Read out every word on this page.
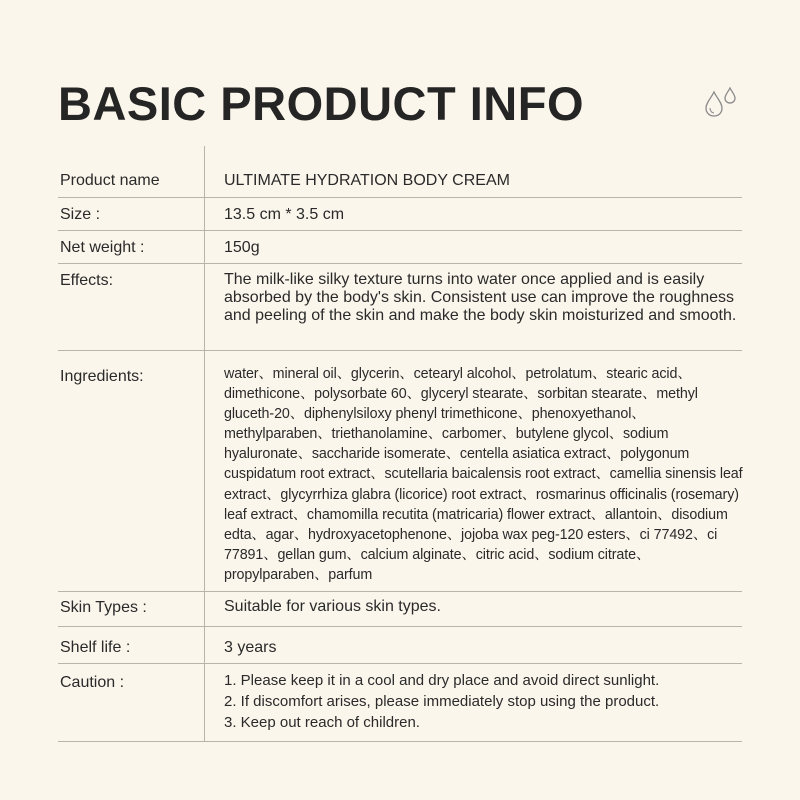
BASIC PRODUCT INFO
Product name	ULTIMATE HYDRATION BODY CREAM
Size :	13.5 cm * 3.5 cm
Net weight :	150g
Effects:	The milk-like silky texture turns into water once applied and is easily absorbed by the body's skin. Consistent use can improve the roughness and peeling of the skin and make the body skin moisturized and smooth.
Ingredients:	water、mineral oil、glycerin、cetearyl alcohol、petrolatum、stearic acid、dimethicone、polysorbate 60、glyceryl stearate、sorbitan stearate、methyl gluceth-20、diphenylsiloxy phenyl trimethicone、phenoxyethanol、methylparaben、triethanolamine、carbomer、butylene glycol、sodium hyaluronate、saccharide isomerate、centella asiatica extract、polygonum cuspidatum root extract、scutellaria baicalensis root extract、camellia sinensis leaf extract、glycyrrhiza glabra (licorice) root extract、rosmarinus officinalis (rosemary) leaf extract、chamomilla recutita (matricaria) flower extract、allantoin、disodium edta、agar、hydroxyacetophenone、jojoba wax peg-120 esters、ci 77492、ci 77891、gellan gum、calcium alginate、citric acid、sodium citrate、propylparaben、parfum
Skin Types :	Suitable for various skin types.
Shelf life :	3 years
Caution :	1. Please keep it in a cool and dry place and avoid direct sunlight.
2. If discomfort arises, please immediately stop using the product.
3. Keep out reach of children.
